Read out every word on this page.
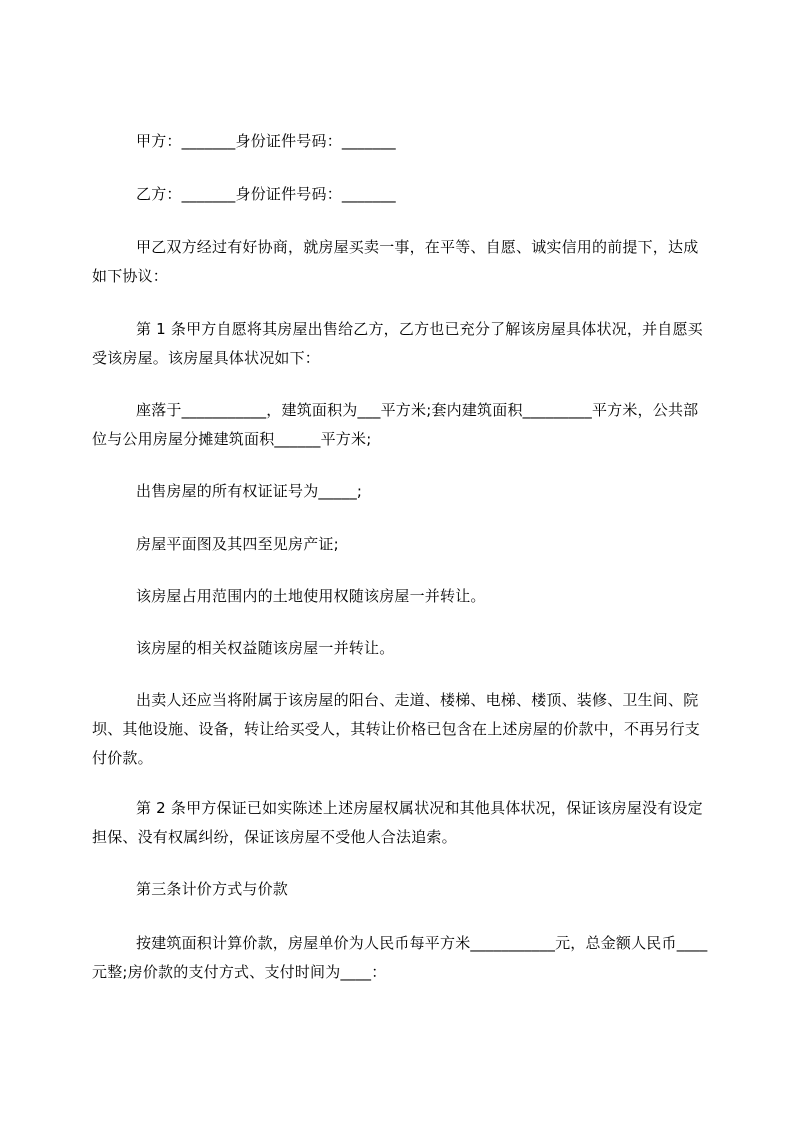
甲方：_______身份证件号码：_______

乙方：_______身份证件号码：_______

甲乙双方经过有好协商，就房屋买卖一事，在平等、自愿、诚实信用的前提下，达成如下协议：

第 1 条甲方自愿将其房屋出售给乙方，乙方也已充分了解该房屋具体状况，并自愿买受该房屋。该房屋具体状况如下：

座落于___________，建筑面积为___平方米;套内建筑面积_________平方米，公共部位与公用房屋分摊建筑面积______平方米;

出售房屋的所有权证证号为_____;

房屋平面图及其四至见房产证;

该房屋占用范围内的土地使用权随该房屋一并转让。

该房屋的相关权益随该房屋一并转让。

出卖人还应当将附属于该房屋的阳台、走道、楼梯、电梯、楼顶、装修、卫生间、院坝、其他设施、设备，转让给买受人，其转让价格已包含在上述房屋的价款中，不再另行支付价款。

第 2 条甲方保证已如实陈述上述房屋权属状况和其他具体状况，保证该房屋没有设定担保、没有权属纠纷，保证该房屋不受他人合法追索。

第三条计价方式与价款

按建筑面积计算价款，房屋单价为人民币每平方米___________元，总金额人民币____元整;房价款的支付方式、支付时间为____：
